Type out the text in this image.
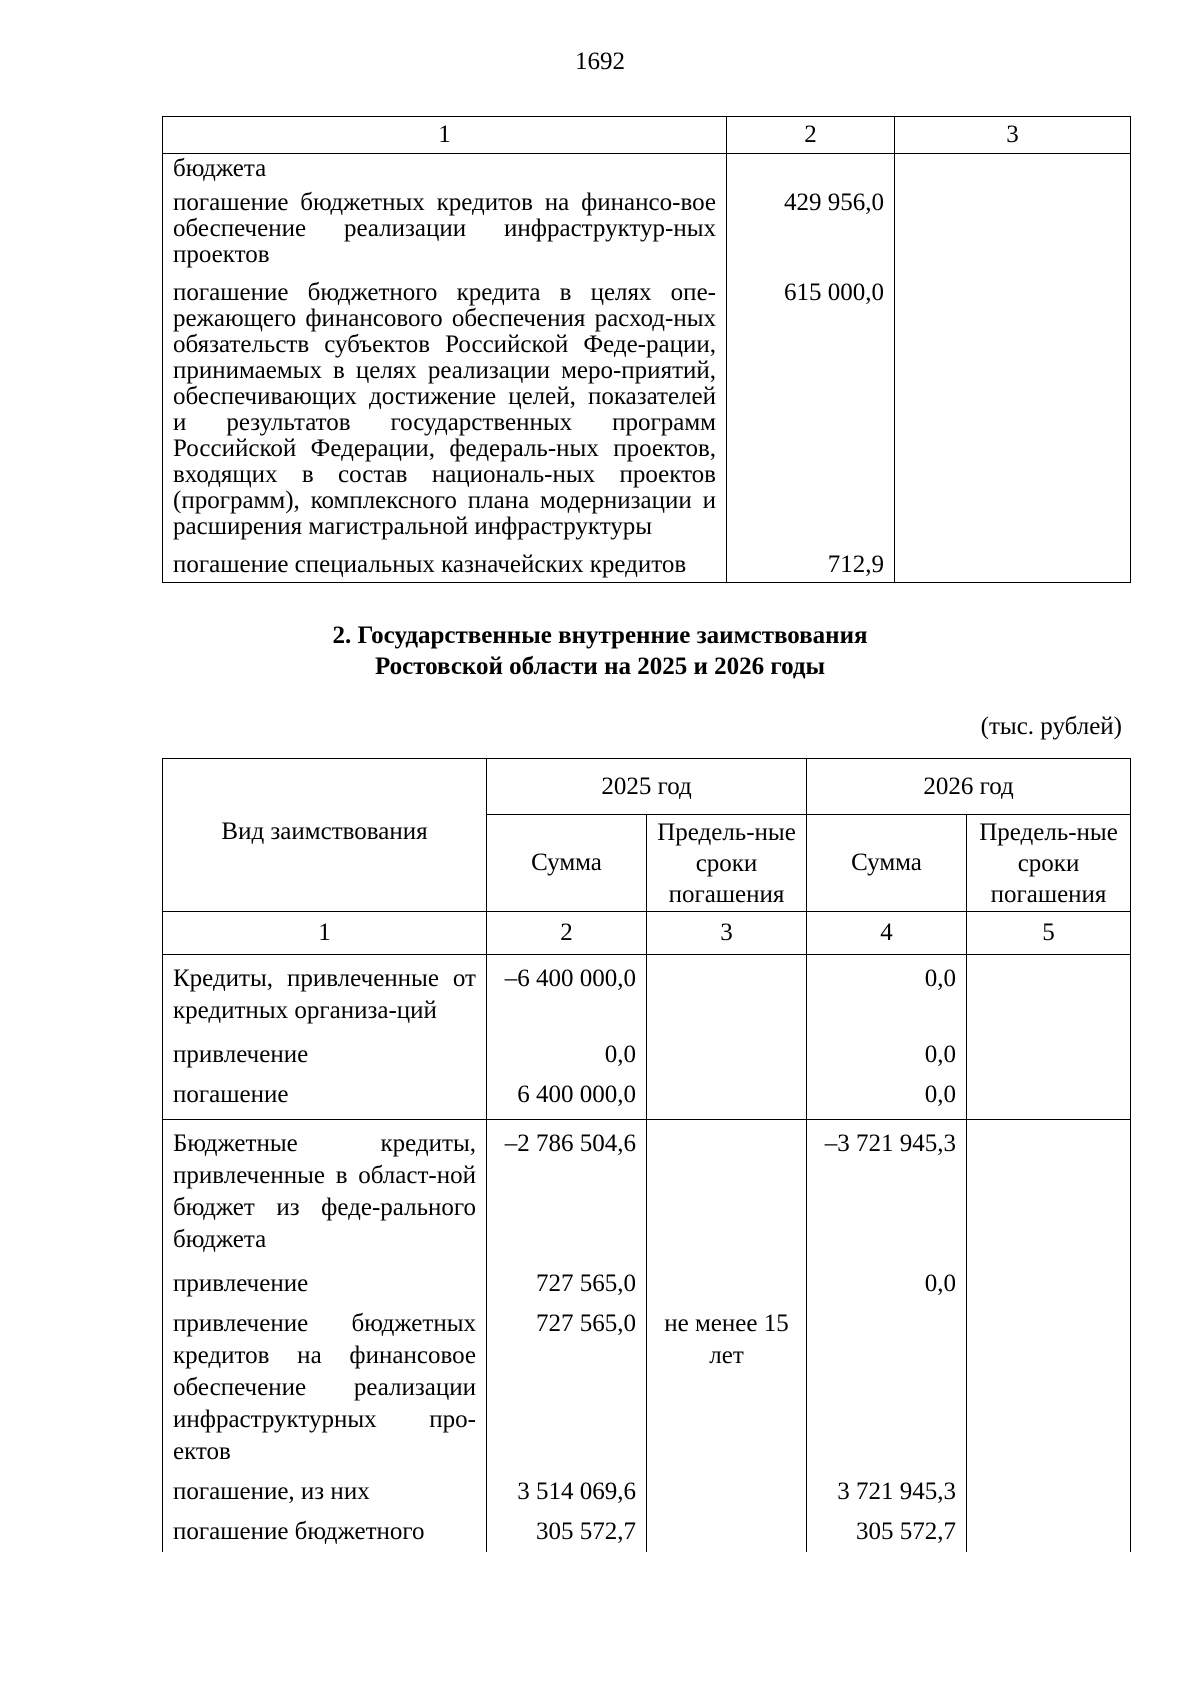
1692
1	2	3
бюджета		
погашение бюджетных кредитов на финансо-вое обеспечение реализации инфраструктур-ных проектов	429 956,0	
погашение бюджетного кредита в целях опе-режающего финансового обеспечения расход-ных обязательств субъектов Российской Феде-рации, принимаемых в целях реализации меро-приятий, обеспечивающих достижение целей, показателей и результатов государственных программ Российской Федерации, федераль-ных проектов, входящих в состав националь-ных проектов (программ), комплексного плана модернизации и расширения магистральной инфраструктуры	615 000,0	
погашение специальных казначейских кредитов	712,9	
2. Государственные внутренние заимствования
Ростовской области на 2025 и 2026 годы
(тыс. рублей)
Вид заимствования	2025 год		2026 год	
	Сумма	Предель-ные сроки погашения	Сумма	Предель-ные сроки погашения
1	2	3	4	5
Кредиты, привлеченные от кредитных организа-ций	–6 400 000,0		0,0	
привлечение	0,0		0,0	
погашение	6 400 000,0		0,0	
Бюджетные кредиты, привлеченные в област-ной бюджет из феде-рального бюджета	–2 786 504,6		–3 721 945,3	
привлечение	727 565,0		0,0	
привлечение бюджетных кредитов на финансовое обеспечение реализации инфраструктурных про-ектов	727 565,0	не менее 15 лет		
погашение, из них	3 514 069,6		3 721 945,3	
погашение бюджетного	305 572,7		305 572,7	
